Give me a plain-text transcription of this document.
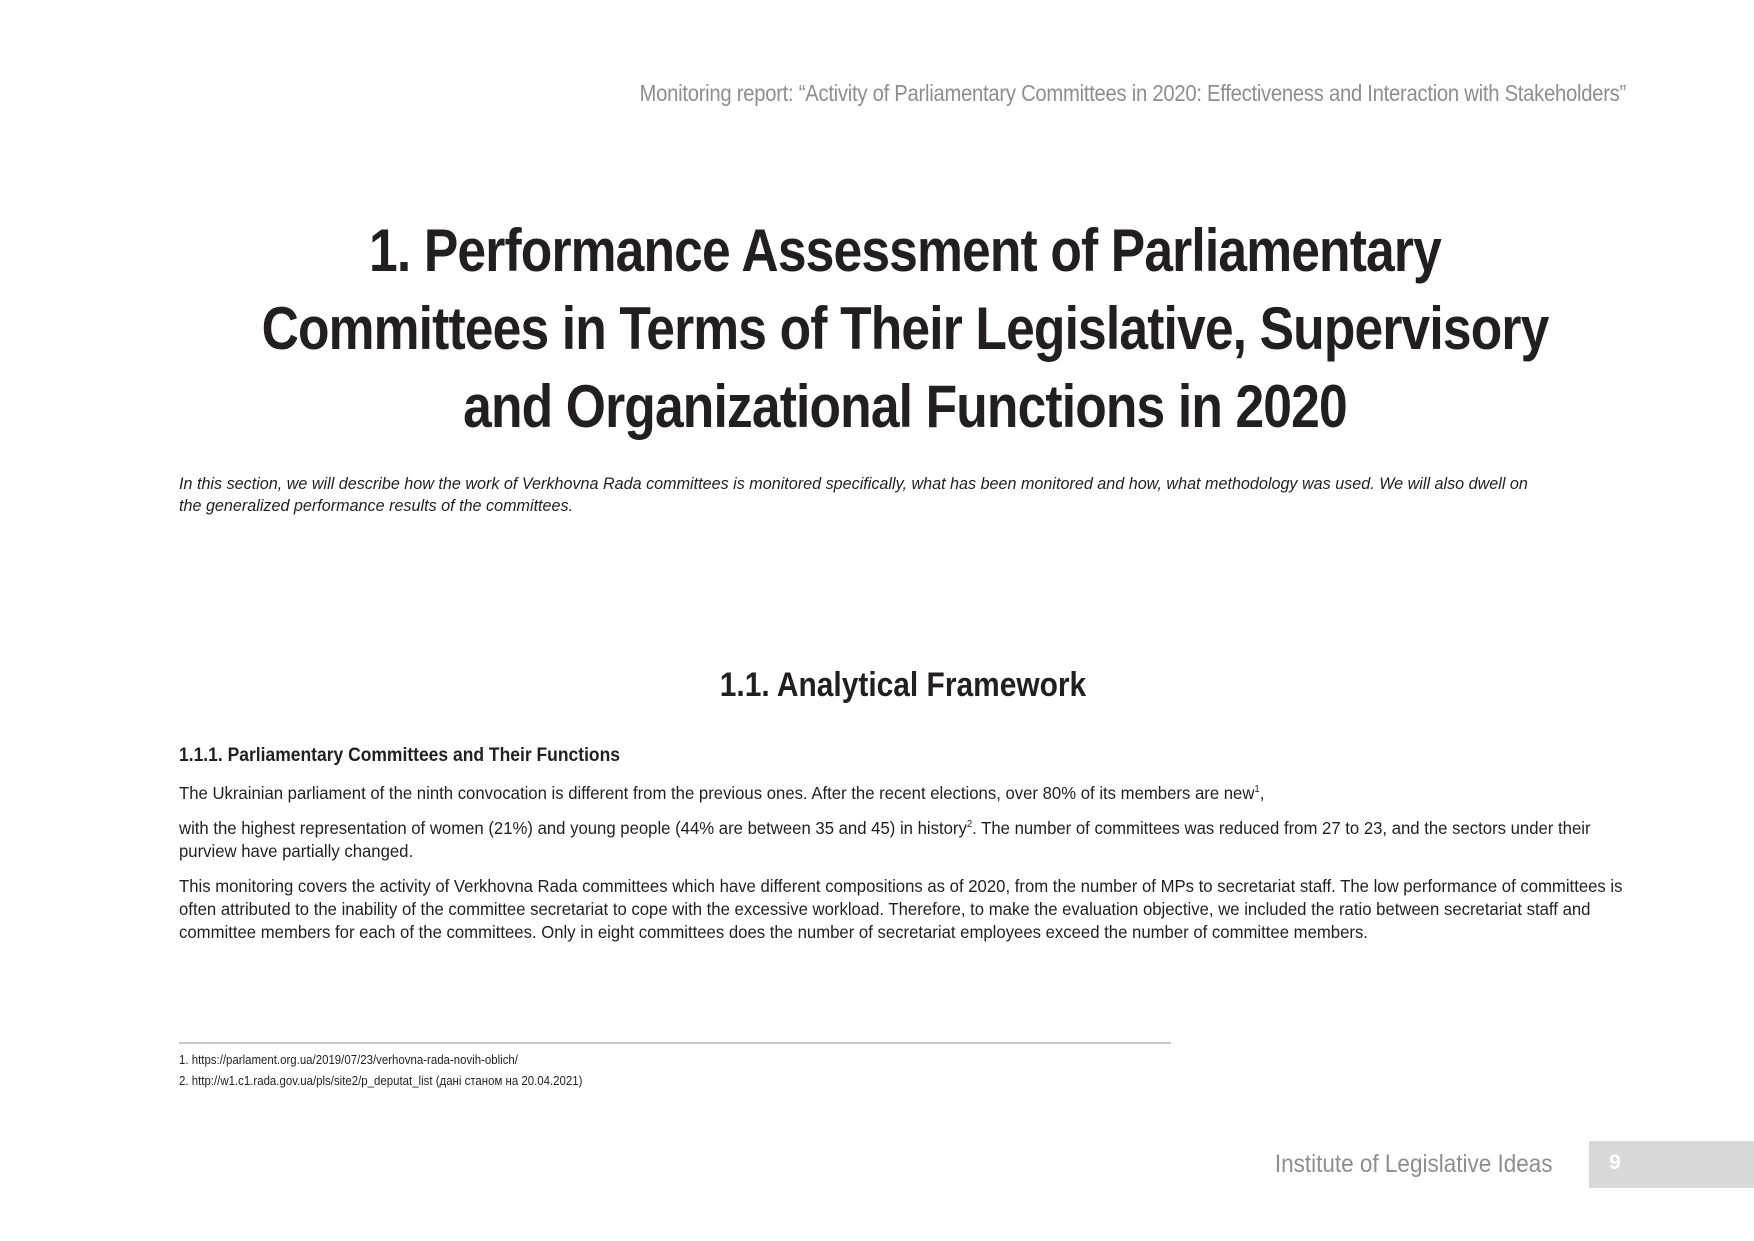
Monitoring report: “Activity of Parliamentary Committees in 2020: Effectiveness and Interaction with Stakeholders”
1. Performance Assessment of Parliamentary
Committees in Terms of Their Legislative, Supervisory
and Organizational Functions in 2020

In this section, we will describe how the work of Verkhovna Rada committees is monitored specifically, what has been monitored and how, what methodology was used. We will also dwell on the generalized performance results of the committees.

1.1. Analytical Framework
1.1.1. Parliamentary Committees and Their Functions

The Ukrainian parliament of the ninth convocation is different from the previous ones. After the recent elections, over 80% of its members are new$^1$,

with the highest representation of women (21%) and young people (44% are between 35 and 45) in history$^2$. The number of committees was reduced from 27 to 23, and the sectors under their purview have partially changed.

This monitoring covers the activity of Verkhovna Rada committees which have different compositions as of 2020, from the number of MPs to secretariat staff. The low performance of committees is often attributed to the inability of the committee secretariat to cope with the excessive workload. Therefore, to make the evaluation objective, we included the ratio between secretariat staff and committee members for each of the committees. Only in eight committees does the number of secretariat employees exceed the number of committee members.

1. https://parlament.org.ua/2019/07/23/verhovna-rada-novih-oblich/
2. http://w1.c1.rada.gov.ua/pls/site2/p_deputat_list (дані станом на 20.04.2021)
Institute of Legislative Ideas	9
